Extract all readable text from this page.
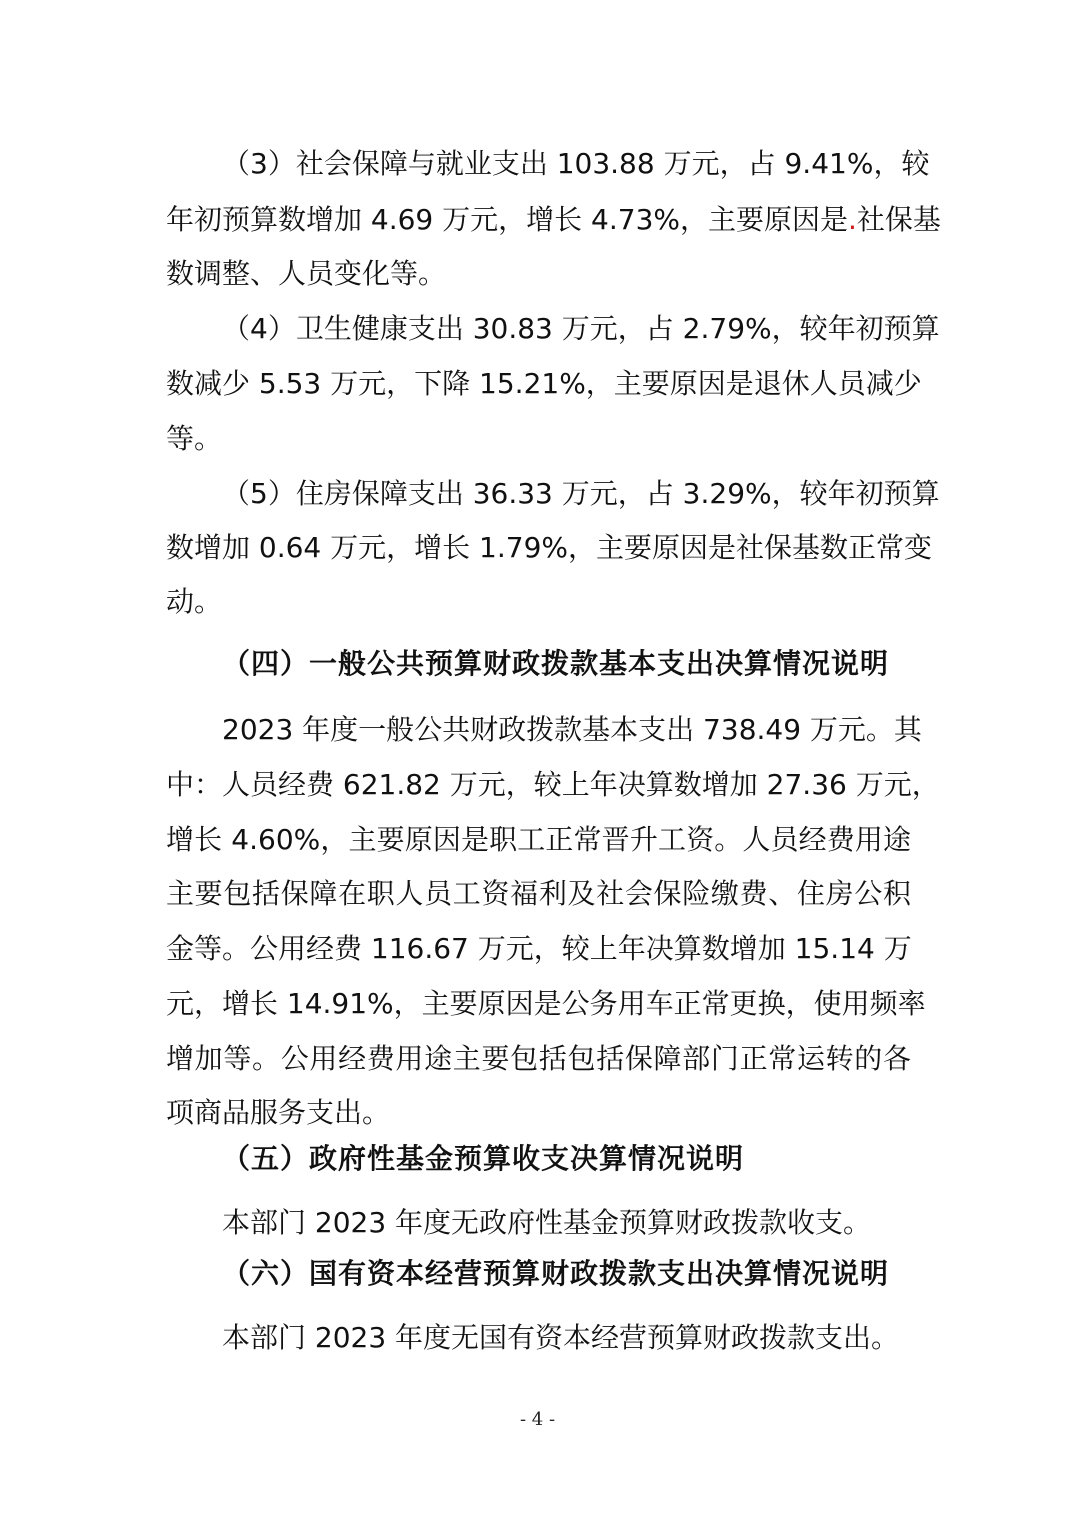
（3）社会保障与就业支出 103.88 万元，占 9.41%，较
年初预算数增加 4.69 万元，增长 4.73%，主要原因是.社保基
数调整、人员变化等。
（4）卫生健康支出 30.83 万元，占 2.79%，较年初预算
数减少 5.53 万元，下降 15.21%，主要原因是退休人员减少
等。
（5）住房保障支出 36.33 万元，占 3.29%，较年初预算
数增加 0.64 万元，增长 1.79%，主要原因是社保基数正常变
动。
（四）一般公共预算财政拨款基本支出决算情况说明
2023 年度一般公共财政拨款基本支出 738.49 万元。其
中：人员经费 621.82 万元，较上年决算数增加 27.36 万元，
增长 4.60%，主要原因是职工正常晋升工资。人员经费用途
主要包括保障在职人员工资福利及社会保险缴费、住房公积
金等。公用经费 116.67 万元，较上年决算数增加 15.14 万
元，增长 14.91%，主要原因是公务用车正常更换，使用频率
增加等。公用经费用途主要包括包括保障部门正常运转的各
项商品服务支出。
（五）政府性基金预算收支决算情况说明
本部门 2023 年度无政府性基金预算财政拨款收支。
（六）国有资本经营预算财政拨款支出决算情况说明
本部门 2023 年度无国有资本经营预算财政拨款支出。
- 4 -
